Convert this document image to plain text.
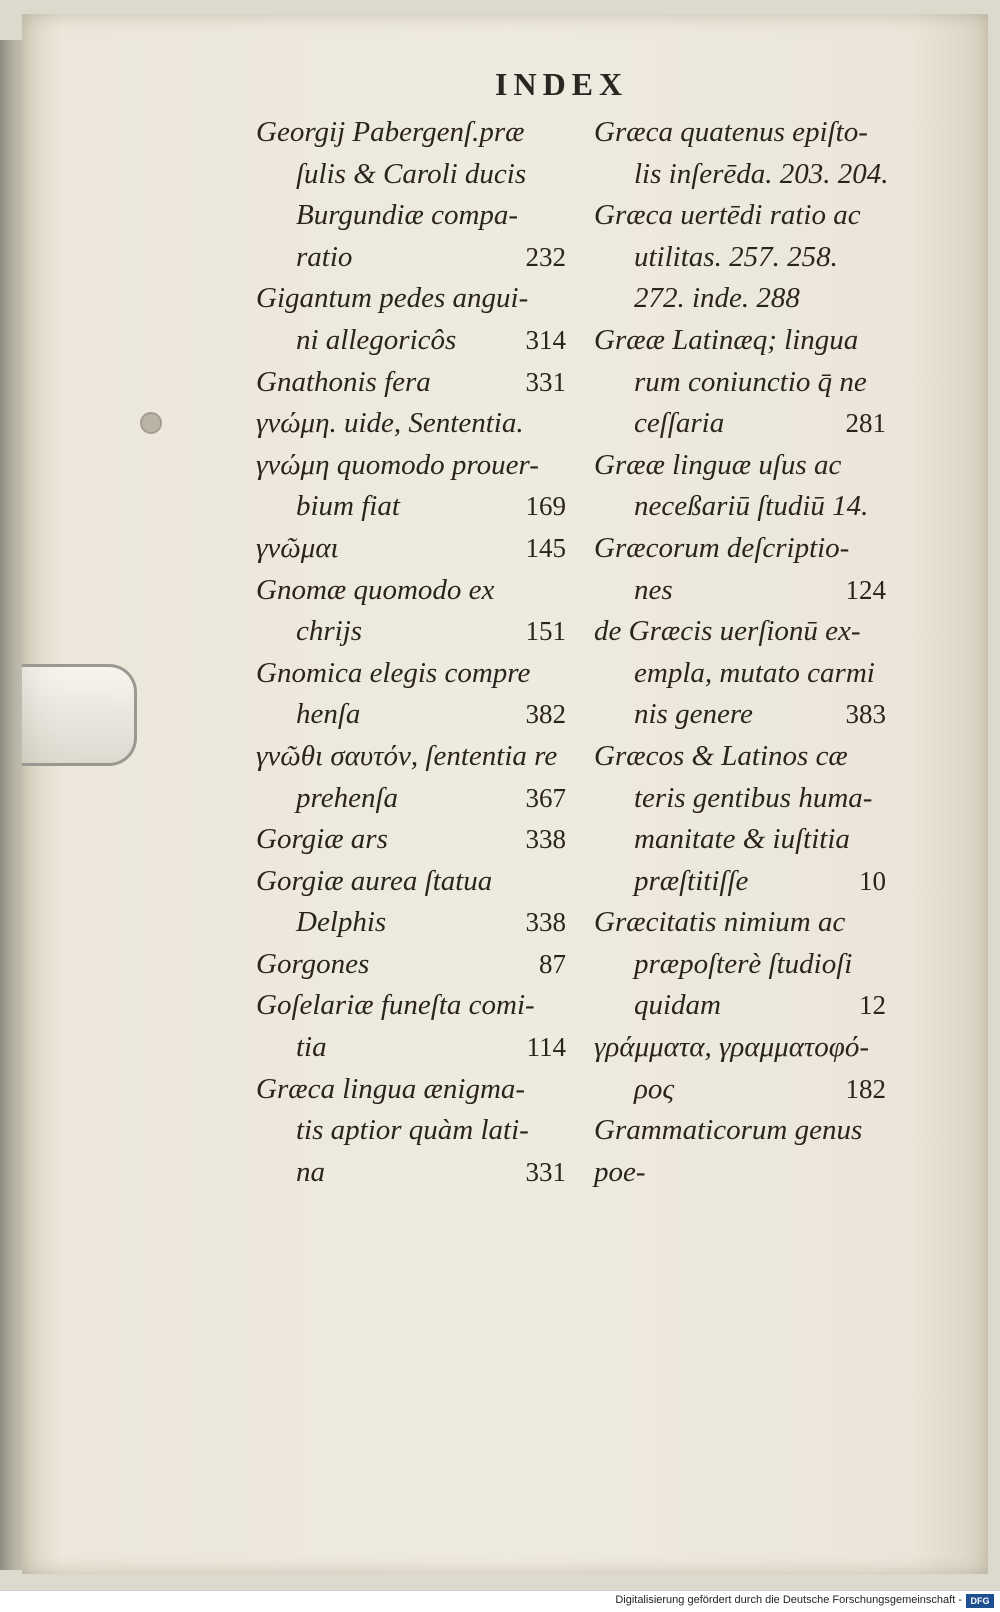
INDEX
Georgij Pabergenſ.præ
ſulis & Caroli ducis
Burgundiæ compa-
ratio	232
Gigantum pedes angui-
ni allegoricôs	314
Gnathonis fera	331
γνώμη. uide, Sententia.
γνώμη quomodo prouer-
bium fiat	169
γνῶμαι	145
Gnomæ quomodo ex
chrijs	151
Gnomica elegis compre
henſa	382
γνῶθι σαυτόν, ſententia re
prehenſa	367
Gorgiæ ars	338
Gorgiæ aurea ſtatua
Delphis	338
Gorgones	87
Goſelariæ funeſta comi-
tia	114
Græca lingua ænigma-
tis aptior quàm lati-
na	331
Græca quatenus epiſto-
lis inſerēda. 203. 204.
Græca uertēdi ratio ac
utilitas. 257. 258.
272. inde. 288
Grææ Latinæq; lingua
rum coniunctio q̄ ne
ceſſaria	281
Grææ linguæ uſus ac
neceßariū ſtudiū 14.
Græcorum deſcriptio-
nes	124
de Græcis uerſionū ex-
empla, mutato carmi
nis genere	383
Græcos & Latinos cæ
teris gentibus huma-
manitate & iuſtitia
præſtitiſſe	10
Græcitatis nimium ac
præpoſterè ſtudioſi
quidam	12
γράμματα, γραμματοφό-
ρος	182
Grammaticorum genus
poe-
Digitalisierung gefördert durch die Deutsche Forschungsgemeinschaft - DFG
